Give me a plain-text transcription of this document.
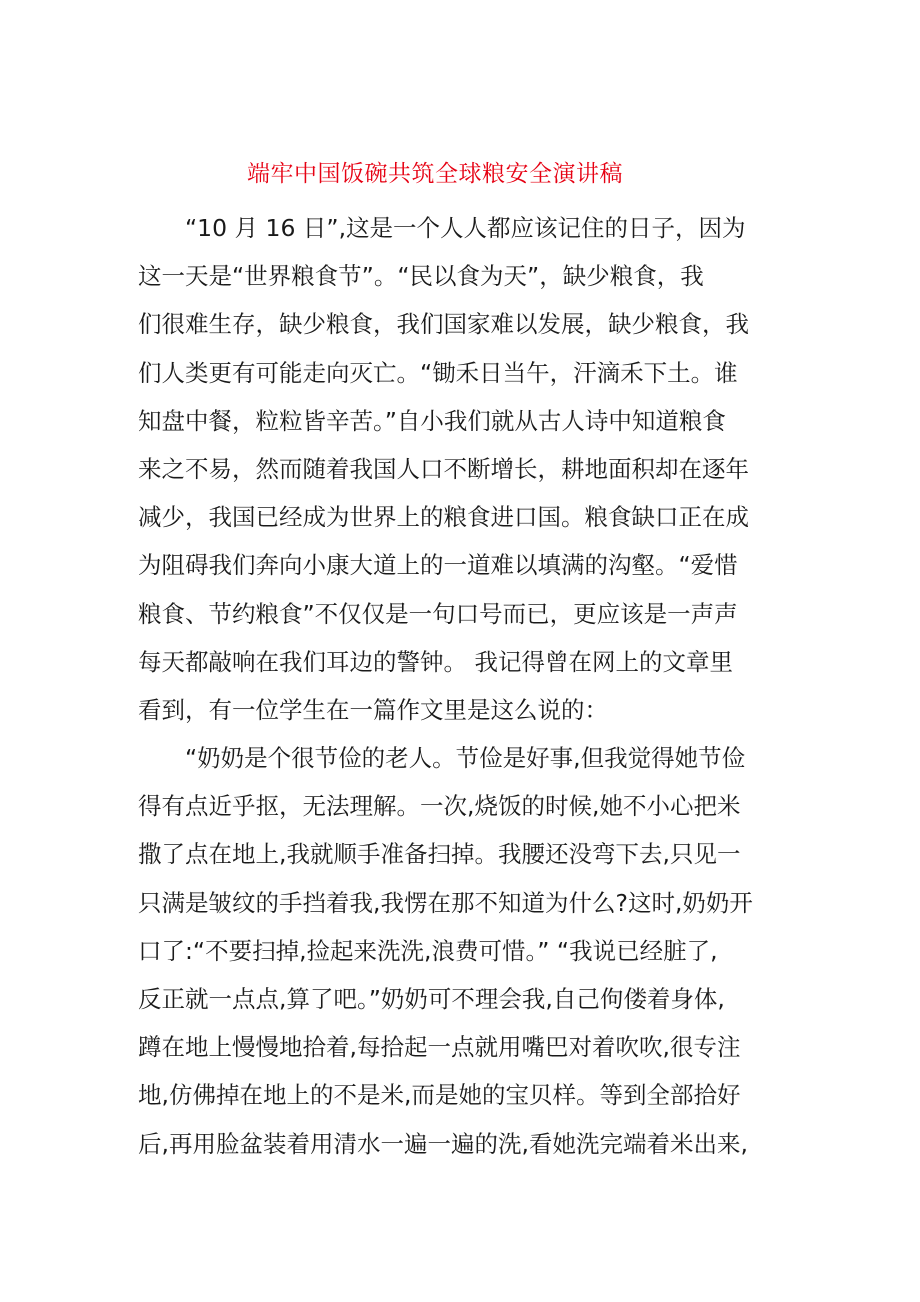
端牢中国饭碗共筑全球粮安全演讲稿
　　“10 月 16 日”,这是一个人人都应该记住的日子，因为
这一天是“世界粮食节”。“民以食为天”，缺少粮食，我
们很难生存，缺少粮食，我们国家难以发展，缺少粮食，我
们人类更有可能走向灭亡。“锄禾日当午，汗滴禾下土。谁
知盘中餐，粒粒皆辛苦。”自小我们就从古人诗中知道粮食
来之不易，然而随着我国人口不断增长，耕地面积却在逐年
减少，我国已经成为世界上的粮食进口国。粮食缺口正在成
为阻碍我们奔向小康大道上的一道难以填满的沟壑。“爱惜
粮食、节约粮食”不仅仅是一句口号而已，更应该是一声声
每天都敲响在我们耳边的警钟。 我记得曾在网上的文章里
看到，有一位学生在一篇作文里是这么说的：
　　“奶奶是个很节俭的老人。节俭是好事,但我觉得她节俭
得有点近乎抠，无法理解。一次,烧饭的时候,她不小心把米
撒了点在地上,我就顺手准备扫掉。我腰还没弯下去,只见一
只满是皱纹的手挡着我,我愣在那不知道为什么?这时,奶奶开
口了:“不要扫掉,捡起来洗洗,浪费可惜。” “我说已经脏了,
反正就一点点,算了吧。”奶奶可不理会我,自己佝偻着身体,
蹲在地上慢慢地拾着,每拾起一点就用嘴巴对着吹吹,很专注
地,仿佛掉在地上的不是米,而是她的宝贝样。等到全部拾好
后,再用脸盆装着用清水一遍一遍的洗,看她洗完端着米出来,
